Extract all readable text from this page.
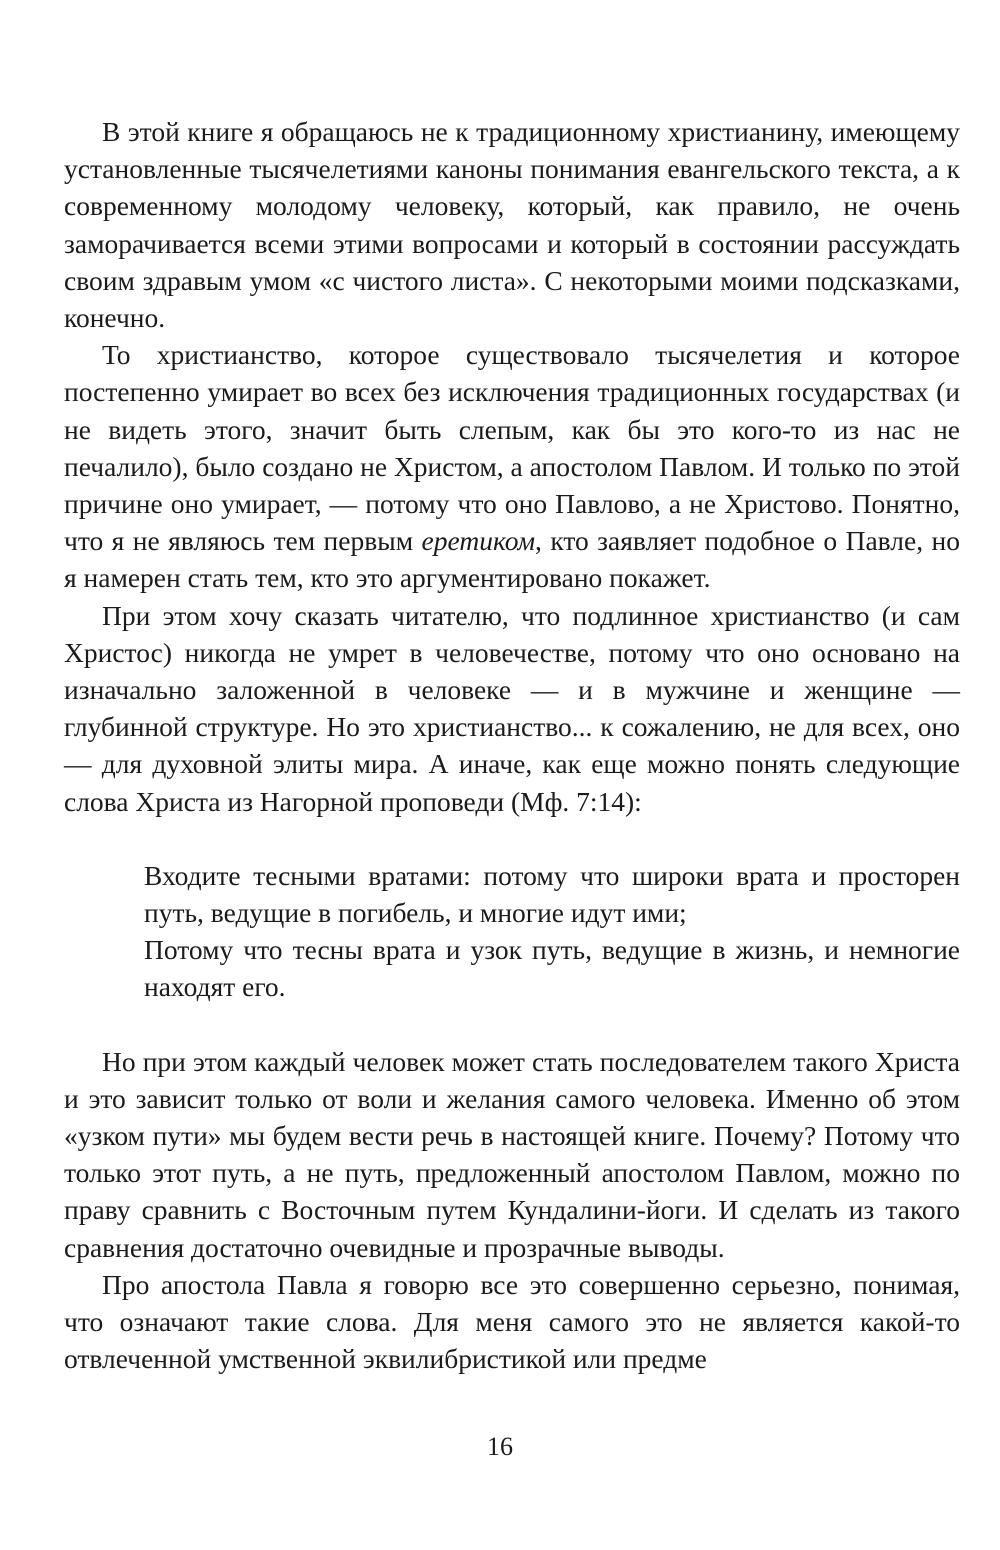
В этой книге я обращаюсь не к традиционному христианину, имеющему установленные тысячелетиями каноны понимания евангельского текста, а к современному молодому человеку, который, как правило, не очень заморачивается всеми этими вопросами и который в состоянии рассуждать своим здравым умом «с чистого листа». С некоторыми моими подсказками, конечно.

То христианство, которое существовало тысячелетия и которое постепенно умирает во всех без исключения традиционных государствах (и не видеть этого, значит быть слепым, как бы это кого-то из нас не печалило), было создано не Христом, а апостолом Павлом. И только по этой причине оно умирает, — потому что оно Павлово, а не Христово. Понятно, что я не являюсь тем первым еретиком, кто заявляет подобное о Павле, но я намерен стать тем, кто это аргументировано покажет.

При этом хочу сказать читателю, что подлинное христианство (и сам Христос) никогда не умрет в человечестве, потому что оно основано на изначально заложенной в человеке — и в мужчине и женщине — глубинной структуре. Но это христианство... к сожалению, не для всех, оно — для духовной элиты мира. А иначе, как еще можно понять следующие слова Христа из Нагорной проповеди (Мф. 7:14):

Входите тесными вратами: потому что широки врата и просторен путь, ведущие в погибель, и многие идут ими;

Потому что тесны врата и узок путь, ведущие в жизнь, и немногие находят его.

Но при этом каждый человек может стать последователем такого Христа и это зависит только от воли и желания самого человека. Именно об этом «узком пути» мы будем вести речь в настоящей книге. Почему? Потому что только этот путь, а не путь, предложенный апостолом Павлом, можно по праву сравнить с Восточным путем Кундалини-йоги. И сделать из такого сравнения достаточно очевидные и прозрачные выводы.

Про апостола Павла я говорю все это совершенно серьезно, понимая, что означают такие слова. Для меня самого это не является какой-то отвлеченной умственной эквилибристикой или предме

16
